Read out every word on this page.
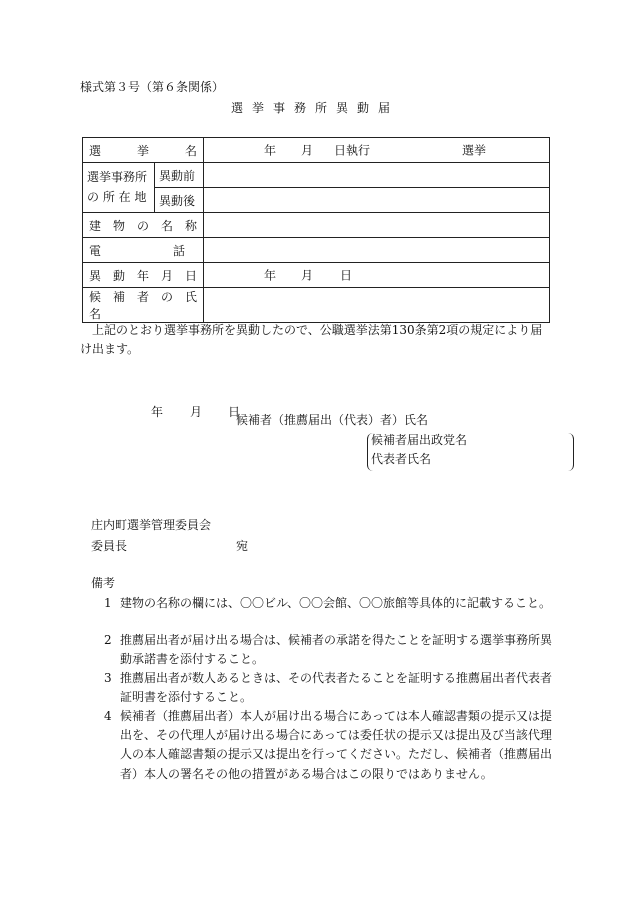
様式第３号（第６条関係）
選挙事務所異動届
選　　　挙　　　名		年 月 日執行 選挙

選挙事務所
の 所 在 地	異動前	
	異動後	
建　物　の　名　称		
電　　　　　　話		
異　動　年　月　日		年 月 日

候　補　者　の　氏　名		
上記のとおり選挙事務所を異動したので、公職選挙法第130条第2項の規定により届け出ます。
年 月 日
候補者（推薦届出（代表）者）氏名
候補者届出政党名
代表者氏名
庄内町選挙管理委員会
委員長	宛
備考
1 建物の名称の欄には、〇〇ビル、〇〇会館、〇〇旅館等具体的に記載すること。
2 推薦届出者が届け出る場合は、候補者の承諾を得たことを証明する選挙事務所異動承諾書を添付すること。
3 推薦届出者が数人あるときは、その代表者たることを証明する推薦届出者代表者証明書を添付すること。
4 候補者（推薦届出者）本人が届け出る場合にあっては本人確認書類の提示又は提出を、その代理人が届け出る場合にあっては委任状の提示又は提出及び当該代理人の本人確認書類の提示又は提出を行ってください。ただし、候補者（推薦届出者）本人の署名その他の措置がある場合はこの限りではありません。
